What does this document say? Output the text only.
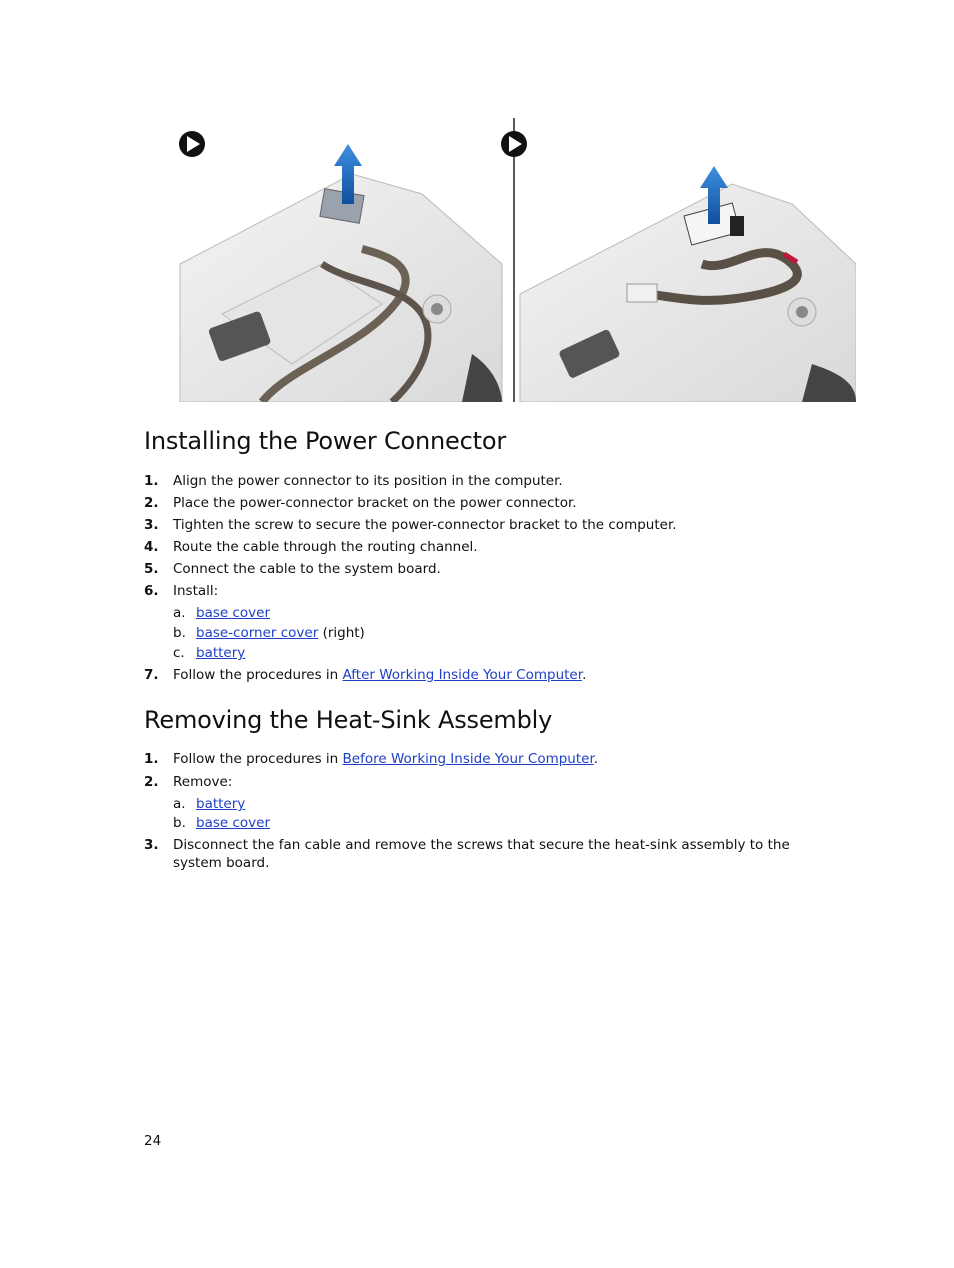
Installing the Power Connector
1. Align the power connector to its position in the computer.
2. Place the power-connector bracket on the power connector.
3. Tighten the screw to secure the power-connector bracket to the computer.
4. Route the cable through the routing channel.
5. Connect the cable to the system board.
6. Install:
a. base cover
b. base-corner cover (right)
c. battery
7. Follow the procedures in After Working Inside Your Computer.
Removing the Heat-Sink Assembly
1. Follow the procedures in Before Working Inside Your Computer.
2. Remove:
a. battery
b. base cover
3. Disconnect the fan cable and remove the screws that secure the heat-sink assembly to the system board.
24
